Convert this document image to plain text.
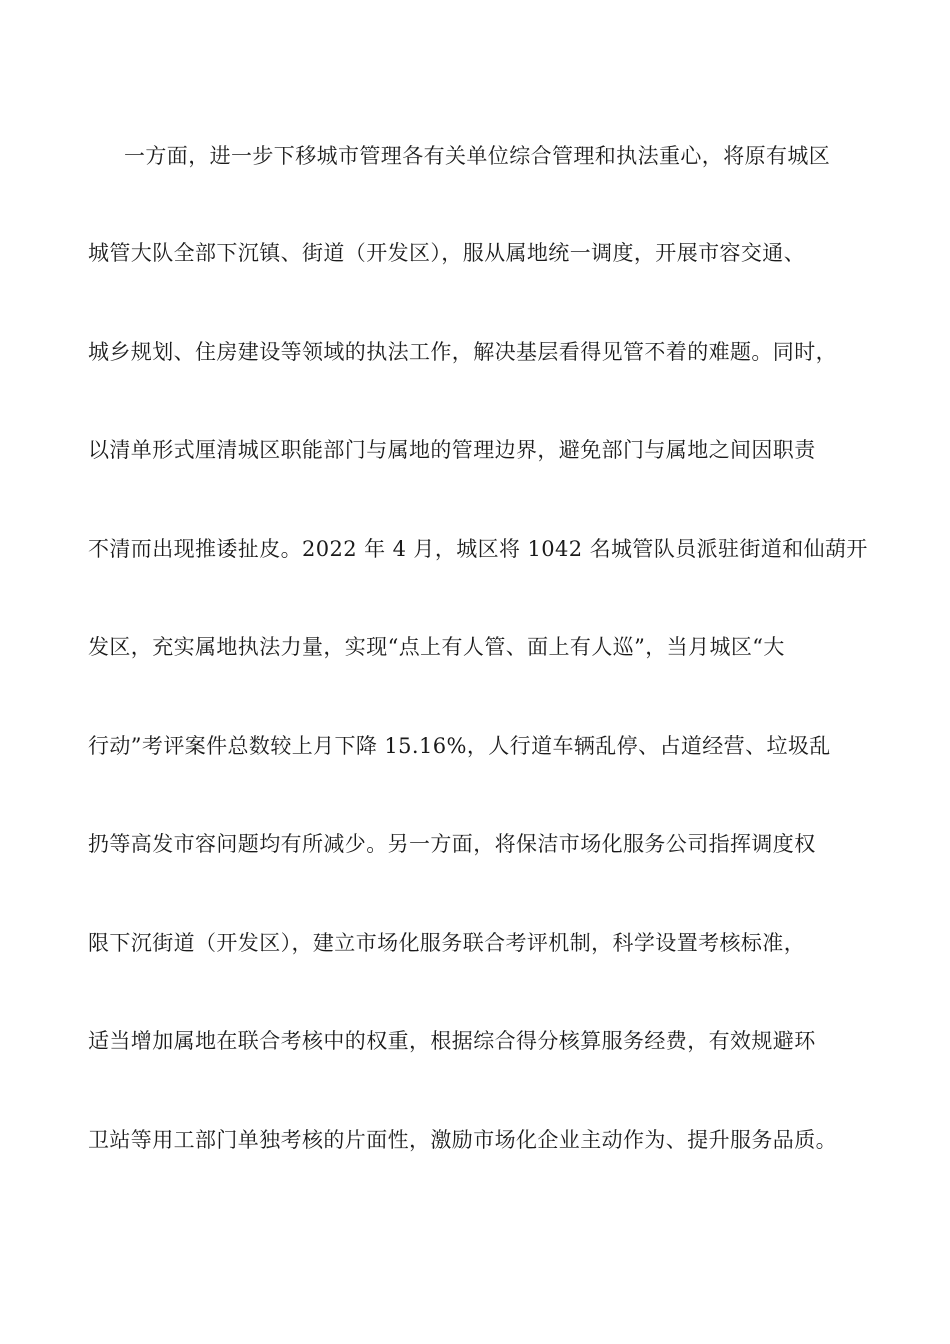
一方面，进一步下移城市管理各有关单位综合管理和执法重心，将原有城区
城管大队全部下沉镇、街道（开发区），服从属地统一调度，开展市容交通、
城乡规划、住房建设等领域的执法工作，解决基层看得见管不着的难题。同时，
以清单形式厘清城区职能部门与属地的管理边界，避免部门与属地之间因职责
不清而出现推诿扯皮。2022 年 4 月，城区将 1042 名城管队员派驻街道和仙葫开
发区，充实属地执法力量，实现“点上有人管、面上有人巡”，当月城区“大
行动”考评案件总数较上月下降 15.16%，人行道车辆乱停、占道经营、垃圾乱
扔等高发市容问题均有所减少。另一方面，将保洁市场化服务公司指挥调度权
限下沉街道（开发区），建立市场化服务联合考评机制，科学设置考核标准，
适当增加属地在联合考核中的权重，根据综合得分核算服务经费，有效规避环
卫站等用工部门单独考核的片面性，激励市场化企业主动作为、提升服务品质。
